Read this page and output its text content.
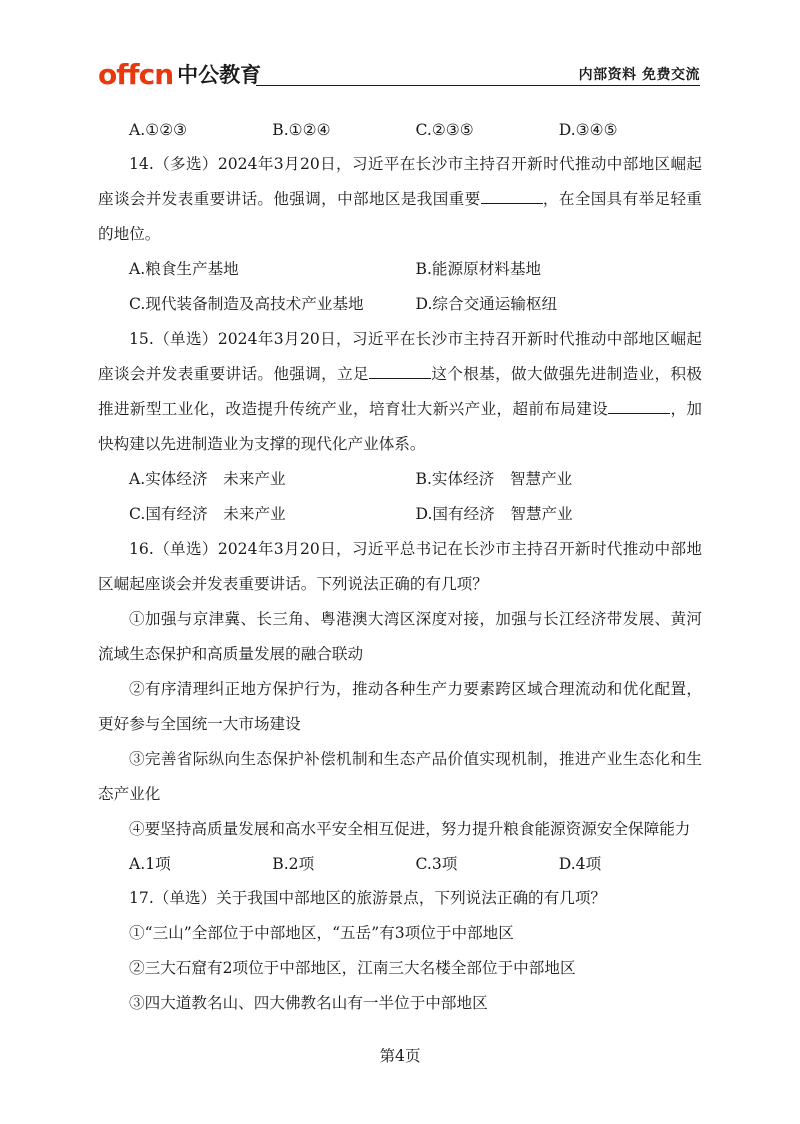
offcn 中公教育	内部资料 免费交流
A.①②③	B.①②④	C.②③⑤	D.③④⑤
14.（多选）2024年3月20日，习近平在长沙市主持召开新时代推动中部地区崛起座谈会并发表重要讲话。他强调，中部地区是我国重要	，在全国具有举足轻重的地位。
A.粮食生产基地	B.能源原材料基地
C.现代装备制造及高技术产业基地	D.综合交通运输枢纽
15.（单选）2024年3月20日，习近平在长沙市主持召开新时代推动中部地区崛起座谈会并发表重要讲话。他强调，立足	这个根基，做大做强先进制造业，积极推进新型工业化，改造提升传统产业，培育壮大新兴产业，超前布局建设	，加快构建以先进制造业为支撑的现代化产业体系。
A.实体经济　未来产业	B.实体经济　智慧产业
C.国有经济　未来产业	D.国有经济　智慧产业
16.（单选）2024年3月20日，习近平总书记在长沙市主持召开新时代推动中部地区崛起座谈会并发表重要讲话。下列说法正确的有几项？
①加强与京津冀、长三角、粤港澳大湾区深度对接，加强与长江经济带发展、黄河流域生态保护和高质量发展的融合联动
②有序清理纠正地方保护行为，推动各种生产力要素跨区域合理流动和优化配置，更好参与全国统一大市场建设
③完善省际纵向生态保护补偿机制和生态产品价值实现机制，推进产业生态化和生态产业化
④要坚持高质量发展和高水平安全相互促进，努力提升粮食能源资源安全保障能力
A.1项	B.2项	C.3项	D.4项
17.（单选）关于我国中部地区的旅游景点，下列说法正确的有几项？
①“三山”全部位于中部地区，“五岳”有3项位于中部地区
②三大石窟有2项位于中部地区，江南三大名楼全部位于中部地区
③四大道教名山、四大佛教名山有一半位于中部地区
第4页
